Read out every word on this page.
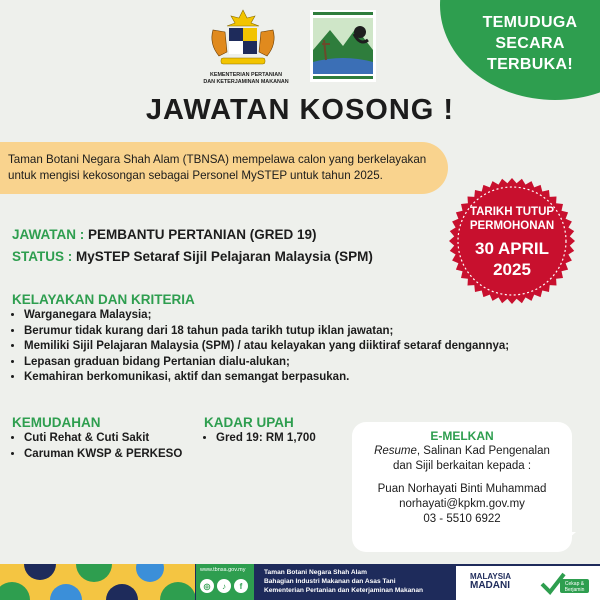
TEMUDUGA
SECARA
TERBUKA!
KEMENTERIAN PERTANIAN
DAN KETERJAMINAN MAKANAN
JAWATAN KOSONG !
Taman Botani Negara Shah Alam (TBNSA) mempelawa calon yang berkelayakan untuk mengisi kekosongan sebagai Personel MySTEP untuk tahun 2025.
TARIKH TUTUP
PERMOHONAN
30 APRIL
2025
JAWATAN : PEMBANTU PERTANIAN (GRED 19)
STATUS : MySTEP Setaraf Sijil Pelajaran Malaysia (SPM)
KELAYAKAN DAN KRITERIA
• Warganegara Malaysia;
• Berumur tidak kurang dari 18 tahun pada tarikh tutup iklan jawatan;
• Memiliki Sijil Pelajaran Malaysia (SPM) / atau kelayakan yang diiktiraf setaraf dengannya;
• Lepasan graduan bidang Pertanian dialu-alukan;
• Kemahiran berkomunikasi, aktif dan semangat berpasukan.
KEMUDAHAN
• Cuti Rehat & Cuti Sakit
• Caruman KWSP & PERKESO
KADAR UPAH
• Gred 19: RM 1,700	E-MELKAN
Resume, Salinan Kad Pengenalan
dan Sijil berkaitan kepada :
Puan Norhayati Binti Muhammad
norhayati@kpkm.gov.my
03 - 5510 6922
www.tbnsa.gov.my
◎	♪	f
Taman Botani Negara Shah Alam
Bahagian Industri Makanan dan Asas Tani
Kementerian Pertanian dan Keterjaminan Makanan
MALAYSIA
MADANI	Cekap &
Berjamin
